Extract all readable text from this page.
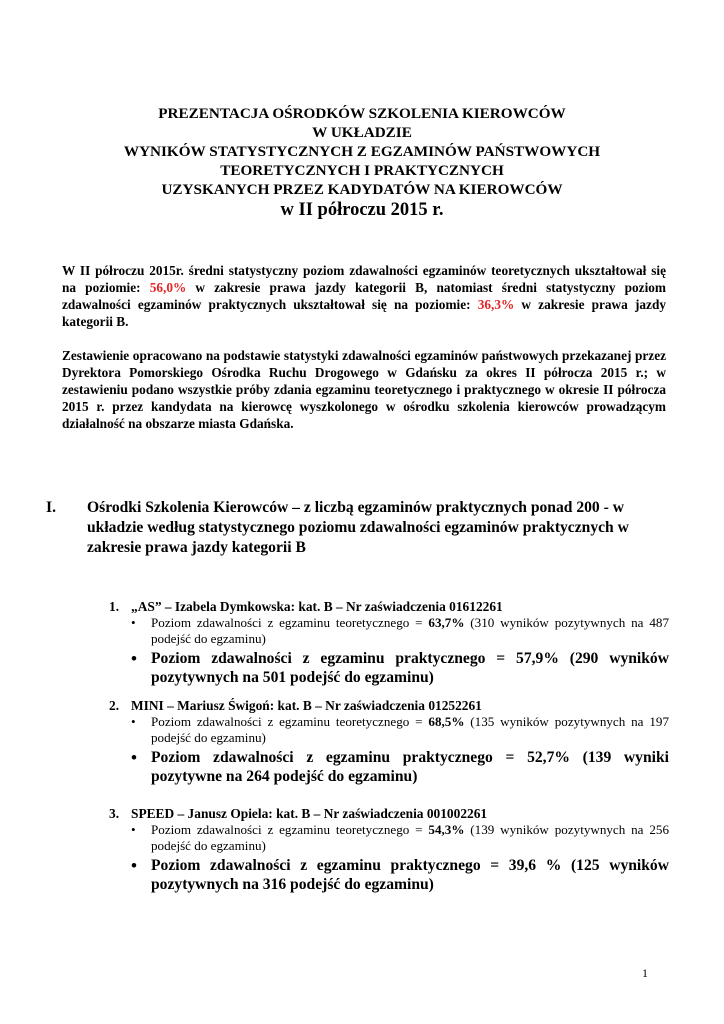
PREZENTACJA OŚRODKÓW SZKOLENIA KIEROWCÓW
W UKŁADZIE
WYNIKÓW STATYSTYCZNYCH Z EGZAMINÓW PAŃSTWOWYCH
TEORETYCZNYCH I PRAKTYCZNYCH
UZYSKANYCH PRZEZ KADYDATÓW NA KIEROWCÓW
w II półroczu 2015 r.
W II półroczu 2015r. średni statystyczny poziom zdawalności egzaminów teoretycznych ukształtował się na poziomie: 56,0% w zakresie prawa jazdy kategorii B, natomiast średni statystyczny poziom zdawalności egzaminów praktycznych ukształtował się na poziomie: 36,3% w zakresie prawa jazdy kategorii B.
Zestawienie opracowano na podstawie statystyki zdawalności egzaminów państwowych przekazanej przez Dyrektora Pomorskiego Ośrodka Ruchu Drogowego w Gdańsku za okres II półrocza 2015 r.; w zestawieniu podano wszystkie próby zdania egzaminu teoretycznego i praktycznego w okresie II półrocza 2015 r. przez kandydata na kierowcę wyszkolonego w ośrodku szkolenia kierowców prowadzącym działalność na obszarze miasta Gdańska.
I. Ośrodki Szkolenia Kierowców – z liczbą egzaminów praktycznych ponad 200 - w układzie według statystycznego poziomu zdawalności egzaminów praktycznych w zakresie prawa jazdy kategorii B
1. „AS” – Izabela Dymkowska: kat. B – Nr zaświadczenia 01612261
• Poziom zdawalności z egzaminu teoretycznego = 63,7% (310 wyników pozytywnych na 487 podejść do egzaminu)
• Poziom zdawalności z egzaminu praktycznego = 57,9% (290 wyników pozytywnych na 501 podejść do egzaminu)
2. MINI – Mariusz Świgoń: kat. B – Nr zaświadczenia 01252261
• Poziom zdawalności z egzaminu teoretycznego = 68,5% (135 wyników pozytywnych na 197 podejść do egzaminu)
• Poziom zdawalności z egzaminu praktycznego = 52,7% (139 wyniki pozytywne na 264 podejść do egzaminu)
3. SPEED – Janusz Opiela: kat. B – Nr zaświadczenia 001002261
• Poziom zdawalności z egzaminu teoretycznego = 54,3% (139 wyników pozytywnych na 256 podejść do egzaminu)
• Poziom zdawalności z egzaminu praktycznego = 39,6 % (125 wyników pozytywnych na 316 podejść do egzaminu)
1
